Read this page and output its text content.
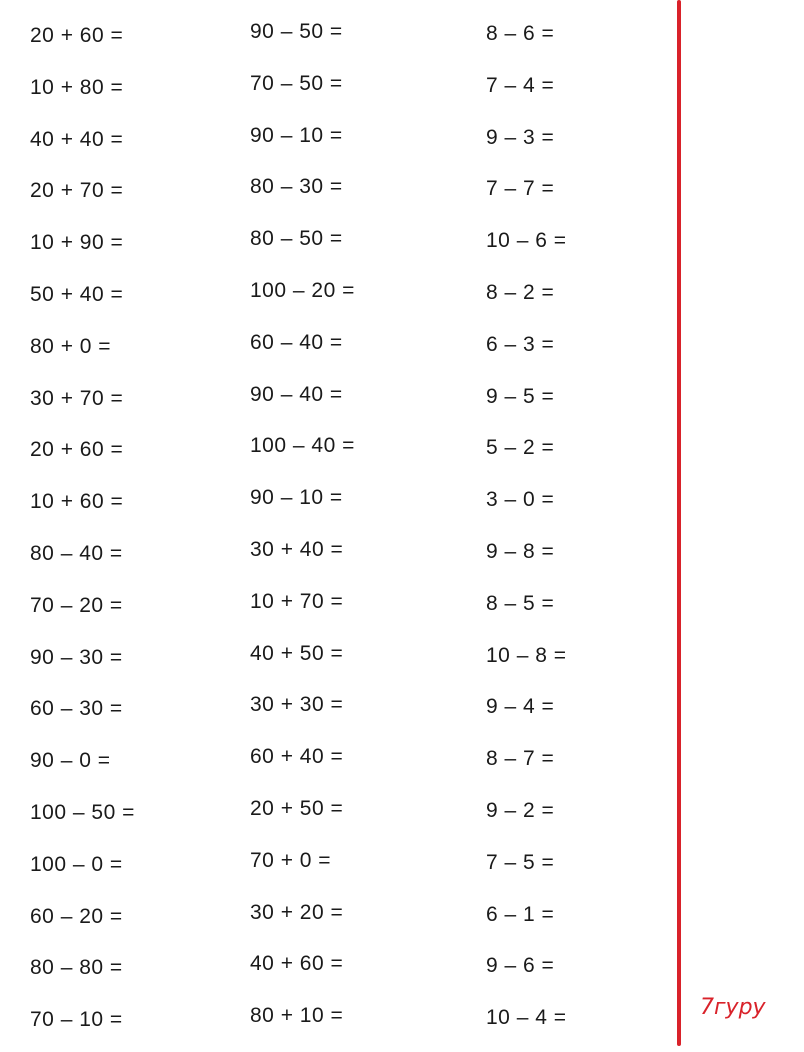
20 + 60 =
10 + 80 =
40 + 40 =
20 + 70 =
10 + 90 =
50 + 40 =
80 + 0 =
30 + 70 =
20 + 60 =
10 + 60 =
80 – 40 =
70 – 20 =
90 – 30 =
60 – 30 =
90 – 0 =
100 – 50 =
100 – 0 =
60 – 20 =
80 – 80 =
70 – 10 =
90 – 50 =
70 – 50 =
90 – 10 =
80 – 30 =
80 – 50 =
100 – 20 =
60 – 40 =
90 – 40 =
100 – 40 =
90 – 10 =
30 + 40 =
10 + 70 =
40 + 50 =
30 + 30 =
60 + 40 =
20 + 50 =
70 + 0 =
30 + 20 =
40 + 60 =
80 + 10 =
8 – 6 =
7 – 4 =
9 – 3 =
7 – 7 =
10 – 6 =
8 – 2 =
6 – 3 =
9 – 5 =
5 – 2 =
3 – 0 =
9 – 8 =
8 – 5 =
10 – 8 =
9 – 4 =
8 – 7 =
9 – 2 =
7 – 5 =
6 – 1 =
9 – 6 =
10 – 4 =	7гуру
